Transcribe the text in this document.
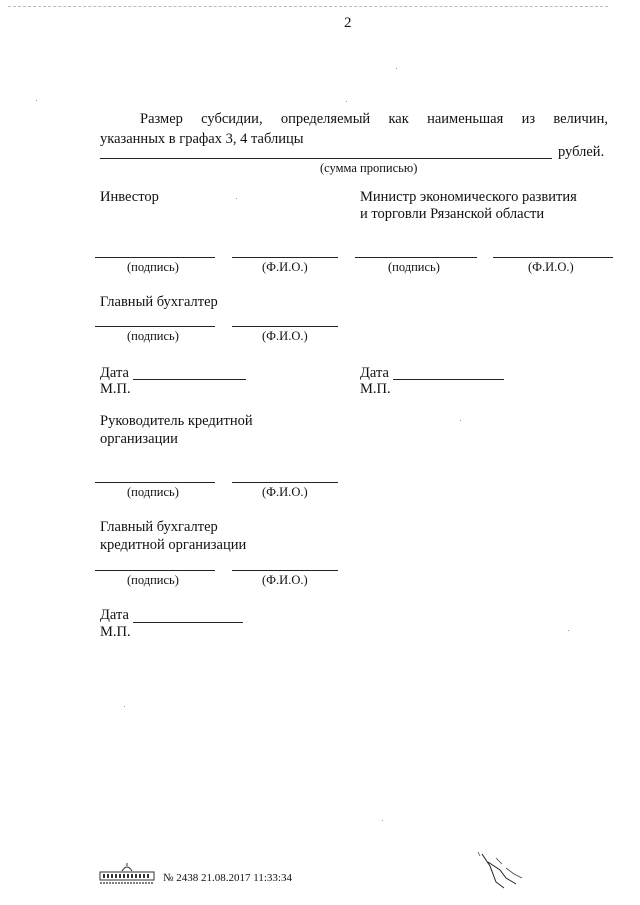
2
Размер субсидии, определяемый как наименьшая из величин,
указанных в графах 3, 4 таблицы
рублей.
(сумма прописью)
Инвестор	Министр экономического развития
и торговли Рязанской области
(подпись)	(Ф.И.О.)	(подпись)	(Ф.И.О.)
Главный бухгалтер
(подпись)	(Ф.И.О.)
Дата
М.П.
Дата
М.П.
Руководитель кредитной
организации
(подпись)	(Ф.И.О.)
Главный бухгалтер
кредитной организации
(подпись)	(Ф.И.О.)
Дата
М.П.
№ 2438 21.08.2017 11:33:34
